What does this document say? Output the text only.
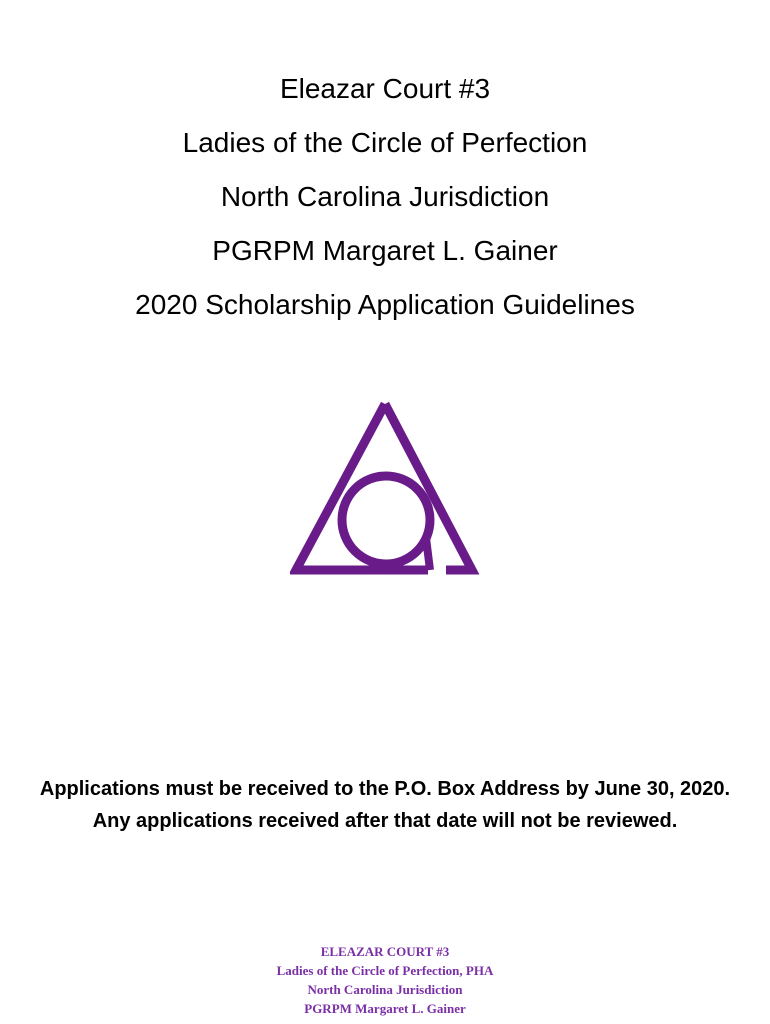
Eleazar Court #3

Ladies of the Circle of Perfection

North Carolina Jurisdiction

PGRPM Margaret L. Gainer

2020 Scholarship Application Guidelines

Applications must be received to the P.O. Box Address by June 30, 2020. Any applications received after that date will not be reviewed.

ELEAZAR COURT #3

Ladies of the Circle of Perfection, PHA

North Carolina Jurisdiction

PGRPM Margaret L. Gainer
